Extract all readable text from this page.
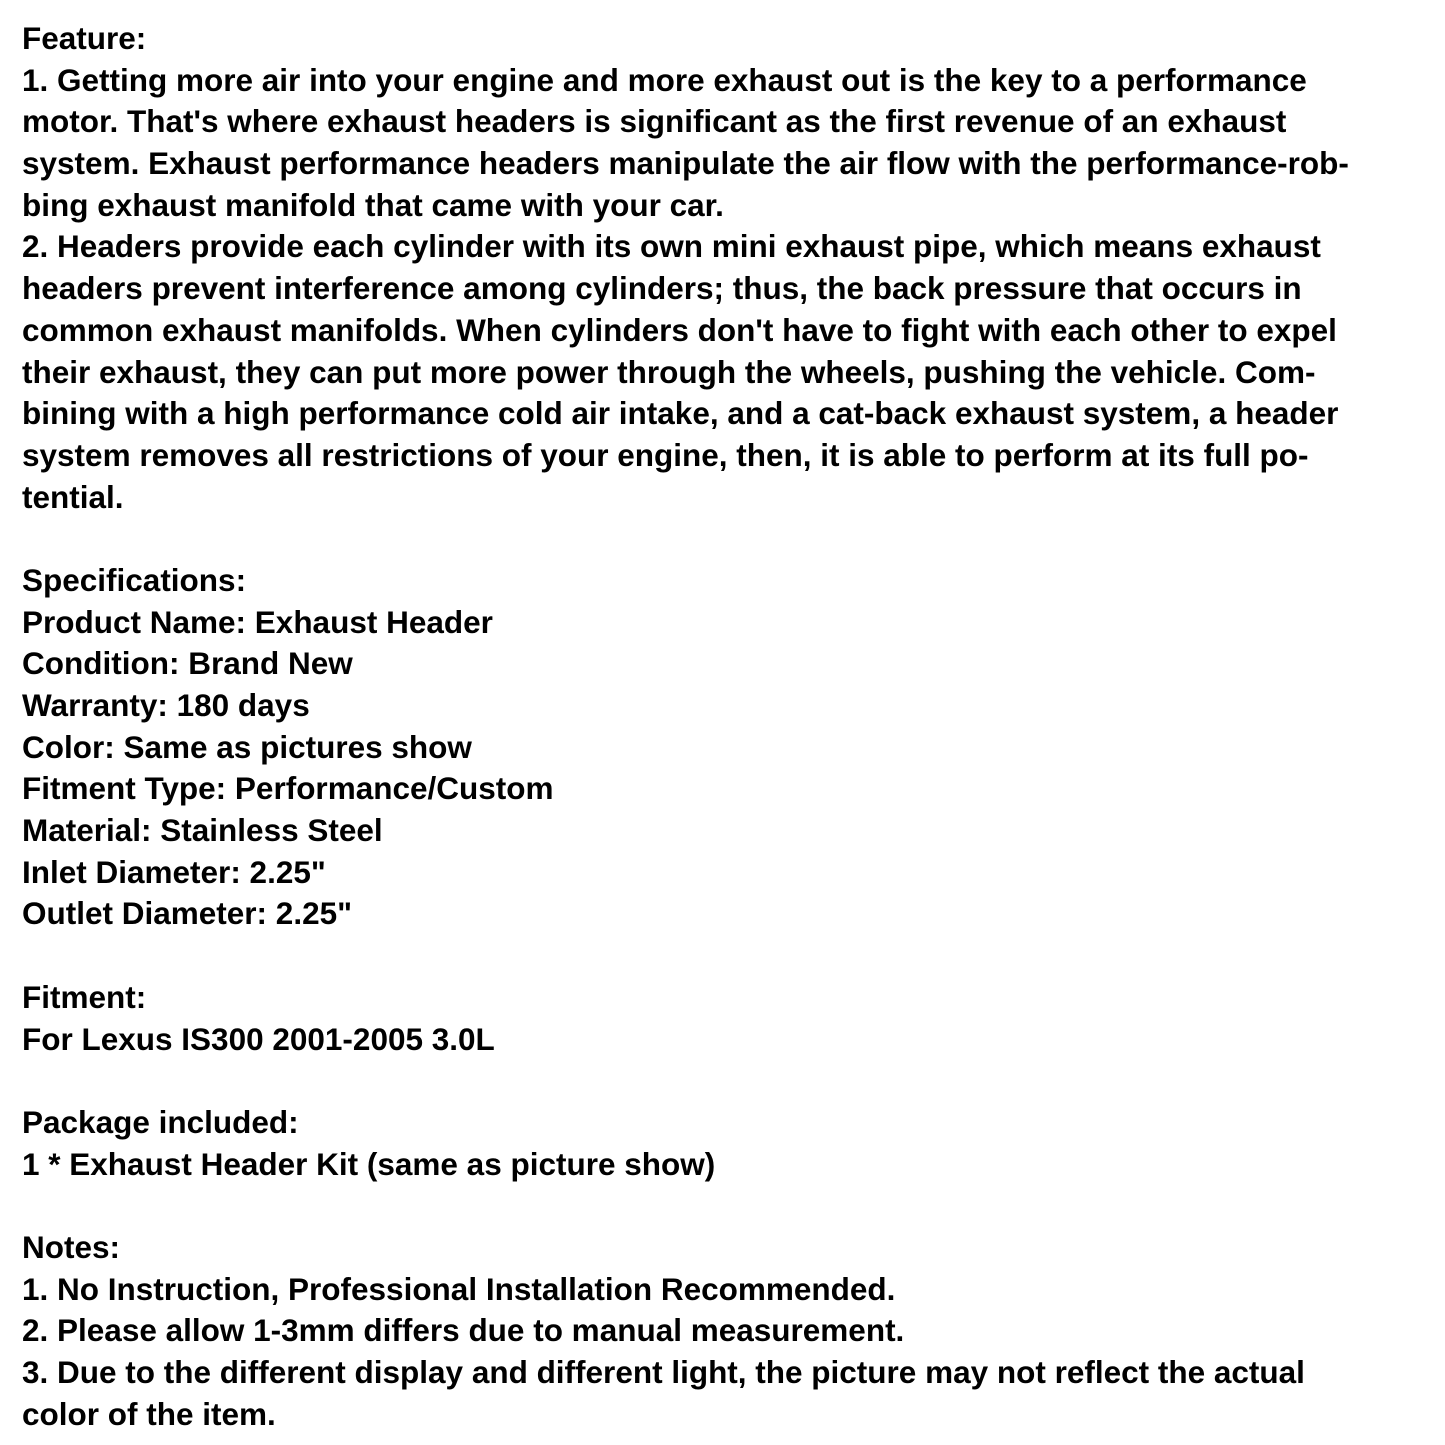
Feature:
1. Getting more air into your engine and more exhaust out is the key to a performance
motor. That's where exhaust headers is significant as the first revenue of an exhaust
system. Exhaust performance headers manipulate the air flow with the performance-rob-
bing exhaust manifold that came with your car.
2. Headers provide each cylinder with its own mini exhaust pipe, which means exhaust
headers prevent interference among cylinders; thus, the back pressure that occurs in
common exhaust manifolds. When cylinders don't have to fight with each other to expel
their exhaust, they can put more power through the wheels, pushing the vehicle. Com-
bining with a high performance cold air intake, and a cat-back exhaust system, a header
system removes all restrictions of your engine, then, it is able to perform at its full po-
tential.
Specifications:
Product Name: Exhaust Header
Condition: Brand New
Warranty: 180 days
Color: Same as pictures show
Fitment Type: Performance/Custom
Material: Stainless Steel
Inlet Diameter: 2.25"
Outlet Diameter: 2.25"
Fitment:
For Lexus IS300 2001-2005 3.0L
Package included:
1 * Exhaust Header Kit (same as picture show)
Notes:
1. No Instruction, Professional Installation Recommended.
2. Please allow 1-3mm differs due to manual measurement.
3. Due to the different display and different light, the picture may not reflect the actual
color of the item.
